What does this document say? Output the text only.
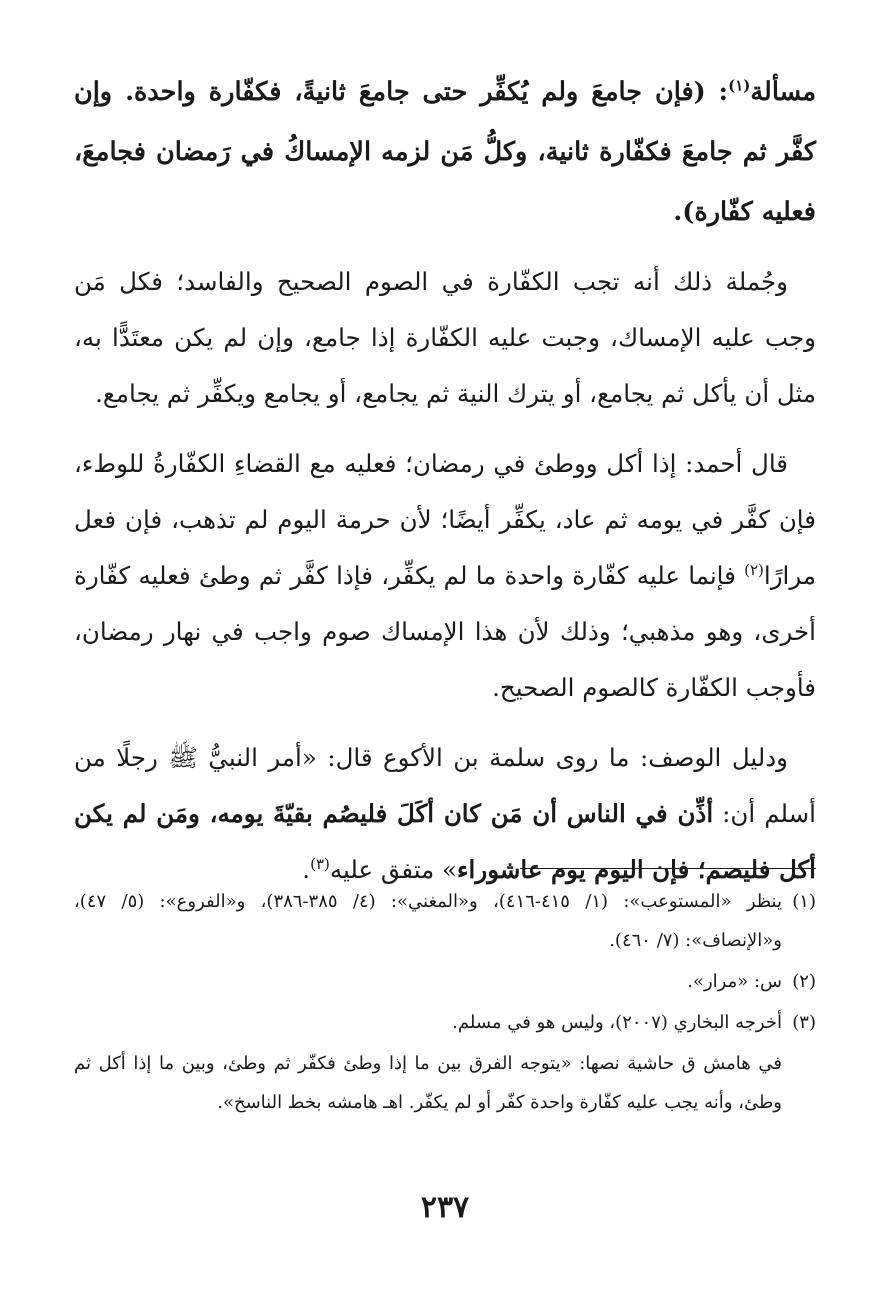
مسألة$^{(١)}$: (فإن جامعَ ولم يُكفِّر حتى جامعَ ثانيةً، فكفّارة واحدة. وإن كفَّر ثم جامعَ فكفّارة ثانية، وكلُّ مَن لزمه الإمساكُ في رَمضان فجامعَ، فعليه كفّارة).

وجُملة ذلك أنه تجب الكفّارة في الصوم الصحيح والفاسد؛ فكل مَن وجب عليه الإمساك، وجبت عليه الكفّارة إذا جامع، وإن لم يكن معتَدًّا به، مثل أن يأكل ثم يجامع، أو يترك النية ثم يجامع، أو يجامع ويكفِّر ثم يجامع.

قال أحمد: إذا أكل ووطئ في رمضان؛ فعليه مع القضاءِ الكفّارةُ للوطء، فإن كفَّر في يومه ثم عاد، يكفِّر أيضًا؛ لأن حرمة اليوم لم تذهب، فإن فعل مرارًا$^{(٢)}$ فإنما عليه كفّارة واحدة ما لم يكفِّر، فإذا كفَّر ثم وطئ فعليه كفّارة أخرى، وهو مذهبي؛ وذلك لأن هذا الإمساك صوم واجب في نهار رمضان، فأوجب الكفّارة كالصوم الصحيح.

ودليل الوصف: ما روى سلمة بن الأكوع قال: «أمر النبيُّ ﷺ رجلًا من أسلم أن: أذِّن في الناس أن مَن كان أكَلَ فليصُم بقيّةَ يومه، ومَن لم يكن أكل فليصم؛ فإن اليوم يوم عاشوراء» متفق عليه$^{(٣)}$.

(١)
ينظر «المستوعب»: (١/ ٤١٥-٤١٦)، و«المغني»: (٤/ ٣٨٥-٣٨٦)، و«الفروع»: (٥/ ٤٧)، و«الإنصاف»: (٧/ ٤٦٠).
(٢)
س: «مرار».
(٣)
أخرجه البخاري (٢٠٠٧)، وليس هو في مسلم.
في هامش ق حاشية نصها: «يتوجه الفرق بين ما إذا وطئ فكفّر ثم وطئ، وبين ما إذا أكل ثم وطئ، وأنه يجب عليه كفّارة واحدة كفّر أو لم يكفّر. اهـ هامشه بخط الناسخ».
٢٣٧
